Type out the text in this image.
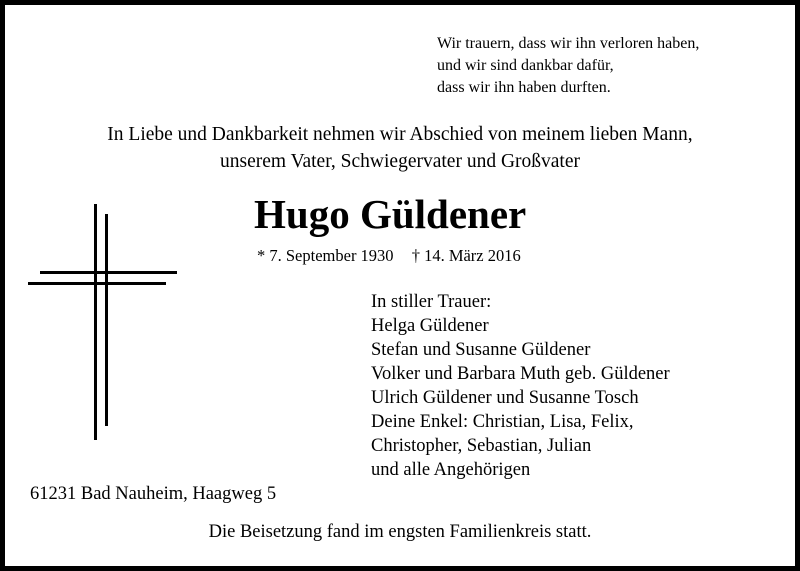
Wir trauern, dass wir ihn verloren haben,
und wir sind dankbar dafür,
dass wir ihn haben durften.
In Liebe und Dankbarkeit nehmen wir Abschied von meinem lieben Mann,
unserem Vater, Schwiegervater und Großvater
Hugo Güldener
* 7. September 1930 † 14. März 2016
In stiller Trauer:
Helga Güldener
Stefan und Susanne Güldener
Volker und Barbara Muth geb. Güldener
Ulrich Güldener und Susanne Tosch
Deine Enkel: Christian, Lisa, Felix,
Christopher, Sebastian, Julian
und alle Angehörigen
61231 Bad Nauheim, Haagweg 5
Die Beisetzung fand im engsten Familienkreis statt.
